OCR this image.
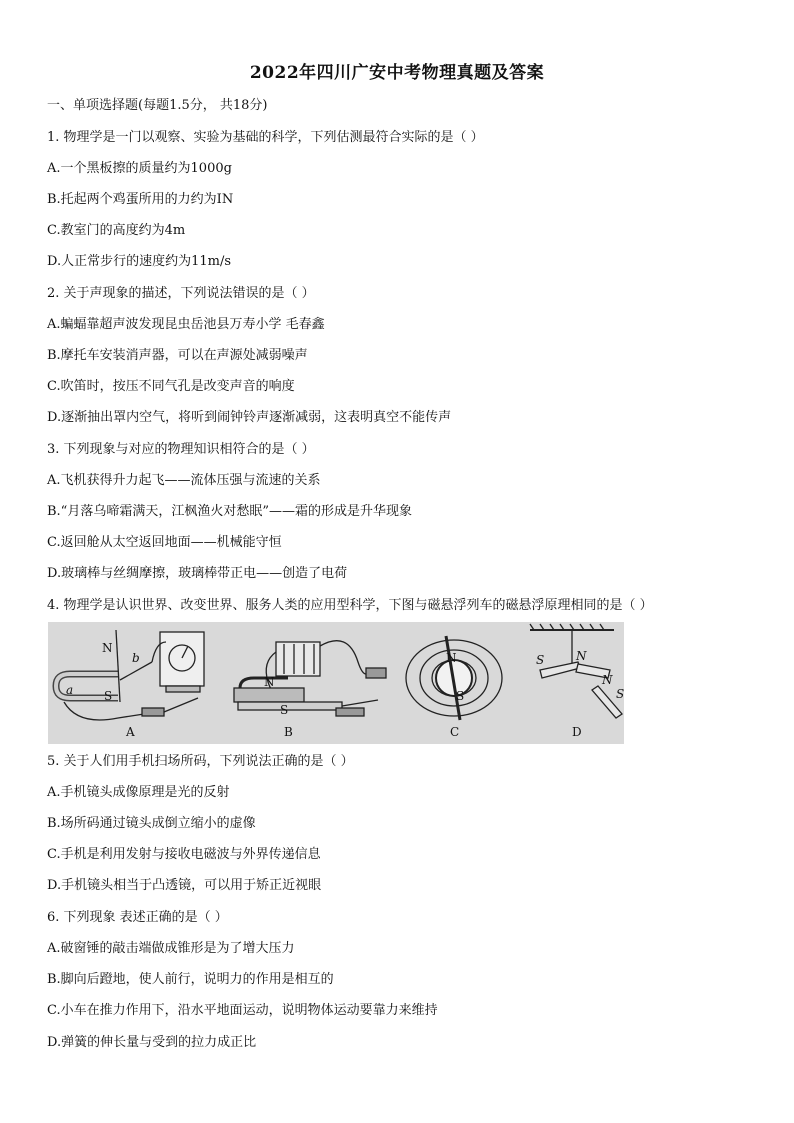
2022年四川广安中考物理真题及答案
一、单项选择题(每题1.5分， 共18分)
1. 物理学是一门以观察、实验为基础的科学，下列估测最符合实际的是（ ）
A.一个黑板擦的质量约为1000g
B.托起两个鸡蛋所用的力约为IN
C.教室门的高度约为4m
D.人正常步行的速度约为11m/s
2. 关于声现象的描述，下列说法错误的是（ ）
A.蝙蝠靠超声波发现昆虫岳池县万寿小学 毛春鑫
B.摩托车安装消声器，可以在声源处减弱噪声
C.吹笛时，按压不同气孔是改变声音的响度
D.逐渐抽出罩内空气，将听到闹钟铃声逐渐减弱，这表明真空不能传声
3. 下列现象与对应的物理知识相符合的是（ ）
A.飞机获得升力起飞——流体压强与流速的关系
B.“月落乌啼霜满天，江枫渔火对愁眠”——霜的形成是升华现象
C.返回舱从太空返回地面——机械能守恒
D.玻璃棒与丝绸摩擦，玻璃棒带正电——创造了电荷
4. 物理学是认识世界、改变世界、服务人类的应用型科学，下图与磁悬浮列车的磁悬浮原理相同的是（ ）
N
S
a
b
N
S
N
S
S	N
N
S
A	B	C	D
5. 关于人们用手机扫场所码，下列说法正确的是（ ）
A.手机镜头成像原理是光的反射
B.场所码通过镜头成倒立缩小的虚像
C.手机是利用发射与接收电磁波与外界传递信息
D.手机镜头相当于凸透镜，可以用于矫正近视眼
6. 下列现象 表述正确的是（ ）
A.破窗锤的敲击端做成锥形是为了增大压力
B.脚向后蹬地，使人前行，说明力的作用是相互的
C.小车在推力作用下，沿水平地面运动，说明物体运动要靠力来维持
D.弹簧的伸长量与受到的拉力成正比
